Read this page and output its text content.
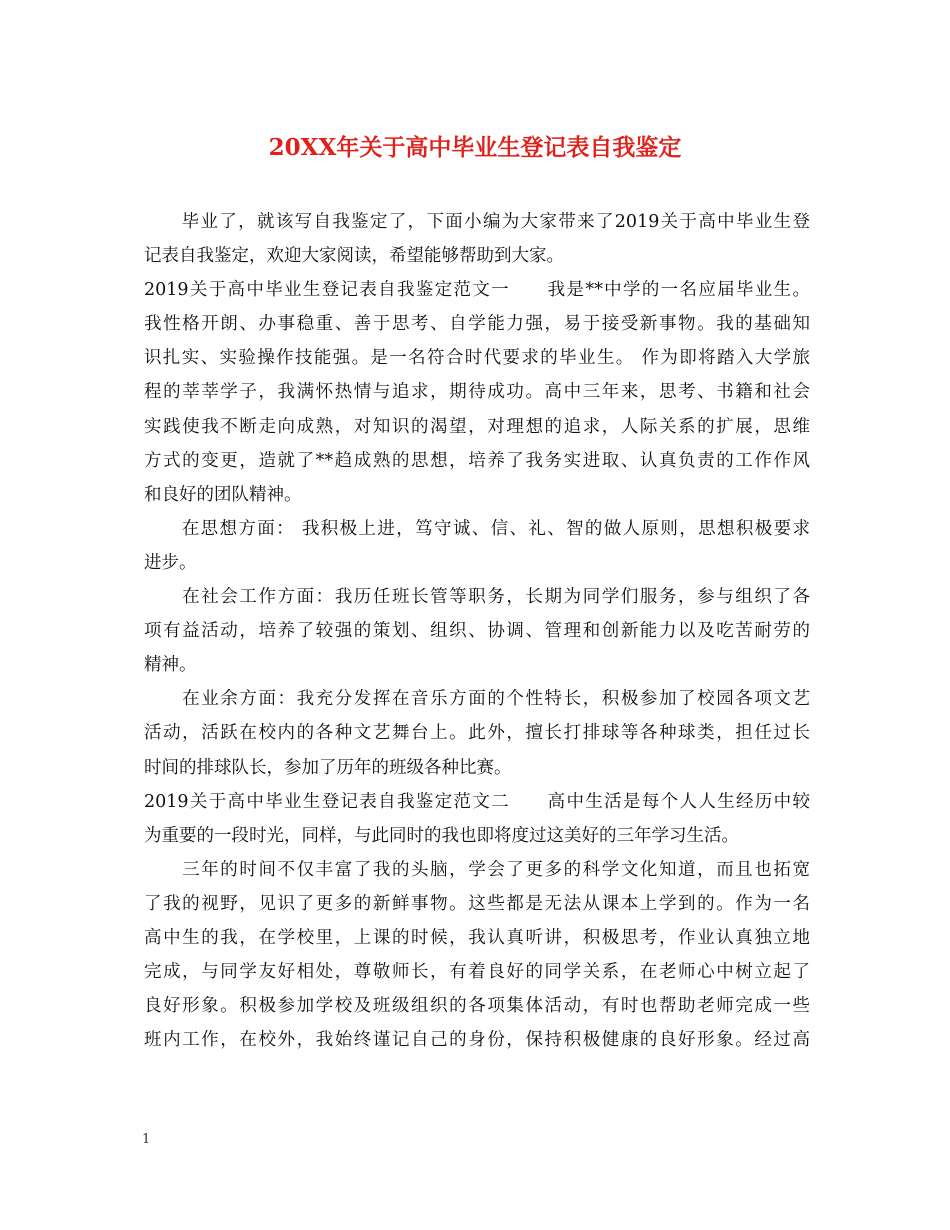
20XX年关于高中毕业生登记表自我鉴定
　　毕业了，就该写自我鉴定了，下面小编为大家带来了2019关于高中毕业生登
记表自我鉴定，欢迎大家阅读，希望能够帮助到大家。
2019关于高中毕业生登记表自我鉴定范文一　　我是**中学的一名应届毕业生。
我性格开朗、办事稳重、善于思考、自学能力强，易于接受新事物。我的基础知
识扎实、实验操作技能强。是一名符合时代要求的毕业生。 作为即将踏入大学旅
程的莘莘学子，我满怀热情与追求，期待成功。高中三年来，思考、书籍和社会
实践使我不断走向成熟，对知识的渴望，对理想的追求，人际关系的扩展，思维
方式的变更，造就了**趋成熟的思想，培养了我务实进取、认真负责的工作作风
和良好的团队精神。
　　在思想方面： 我积极上进，笃守诚、信、礼、智的做人原则，思想积极要求
进步。
　　在社会工作方面：我历任班长管等职务，长期为同学们服务，参与组织了各
项有益活动，培养了较强的策划、组织、协调、管理和创新能力以及吃苦耐劳的
精神。
　　在业余方面：我充分发挥在音乐方面的个性特长，积极参加了校园各项文艺
活动，活跃在校内的各种文艺舞台上。此外，擅长打排球等各种球类，担任过长
时间的排球队长，参加了历年的班级各种比赛。
2019关于高中毕业生登记表自我鉴定范文二　　高中生活是每个人人生经历中较
为重要的一段时光，同样，与此同时的我也即将度过这美好的三年学习生活。
　　三年的时间不仅丰富了我的头脑，学会了更多的科学文化知道，而且也拓宽
了我的视野，见识了更多的新鲜事物。这些都是无法从课本上学到的。作为一名
高中生的我，在学校里，上课的时候，我认真听讲，积极思考，作业认真独立地
完成，与同学友好相处，尊敬师长，有着良好的同学关系，在老师心中树立起了
良好形象。积极参加学校及班级组织的各项集体活动，有时也帮助老师完成一些
班内工作，在校外，我始终谨记自己的身份，保持积极健康的良好形象。经过高
1
